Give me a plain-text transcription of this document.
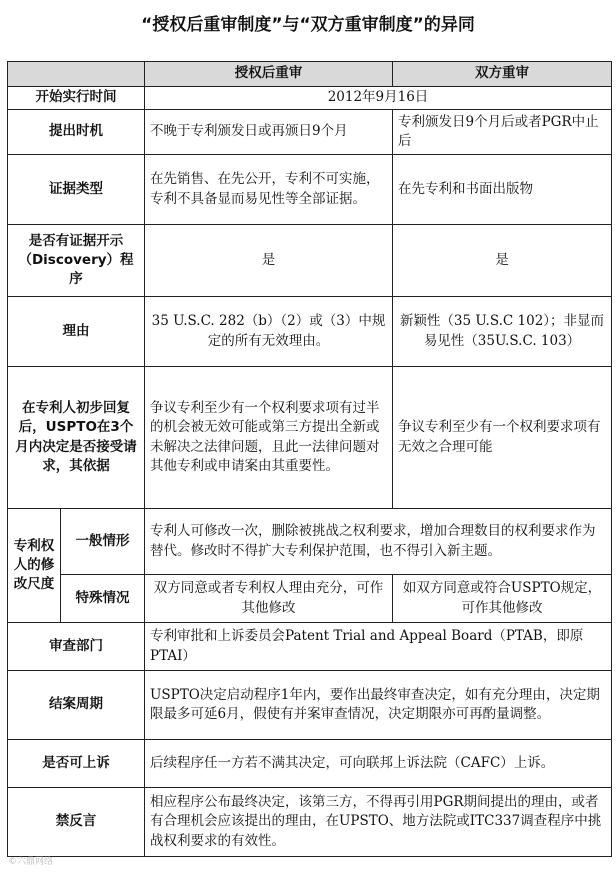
“授权后重审制度”与“双方重审制度”的异同
		授权后重审	双方重审
开始实行时间		2012年9月16日	
提出时机		不晚于专利颁发日或再颁日9个月	专利颁发日9个月后或者PGR中止后
证据类型		在先销售、在先公开，专利不可实施，专利不具备显而易见性等全部证据。	在先专利和书面出版物
是否有证据开示（Discovery）程序		是	是
理由		35 U.S.C. 282（b）（2）或（3）中规定的所有无效理由。	新颖性（35 U.S.C 102）；非显而易见性（35U.S.C. 103）
在专利人初步回复后，USPTO在3个月内决定是否接受请求，其依据		争议专利至少有一个权利要求项有过半的机会被无效可能或第三方提出全新或未解决之法律问题，且此一法律问题对其他专利或申请案由其重要性。	争议专利至少有一个权利要求项有无效之合理可能
专利权人的修改尺度	一般情形	专利人可修改一次，删除被挑战之权利要求，增加合理数目的权利要求作为替代。修改时不得扩大专利保护范围，也不得引入新主题。	
	特殊情况	双方同意或者专利权人理由充分，可作其他修改	如双方同意或符合USPTO规定，可作其他修改
审查部门		专利审批和上诉委员会Patent Trial and Appeal Board（PTAB，即原PTAI）	
结案周期		USPTO决定启动程序1年内，要作出最终审查决定，如有充分理由，决定期限最多可延6月，假使有并案审查情况，决定期限亦可再酌量调整。	
是否可上诉		后续程序任一方若不满其决定，可向联邦上诉法院（CAFC）上诉。	
禁反言		相应程序公布最终决定，该第三方，不得再引用PGR期间提出的理由，或者有合理机会应该提出的理由，在UPSTO、地方法院或ITC337调查程序中挑战权利要求的有效性。	
©六鼎网络
